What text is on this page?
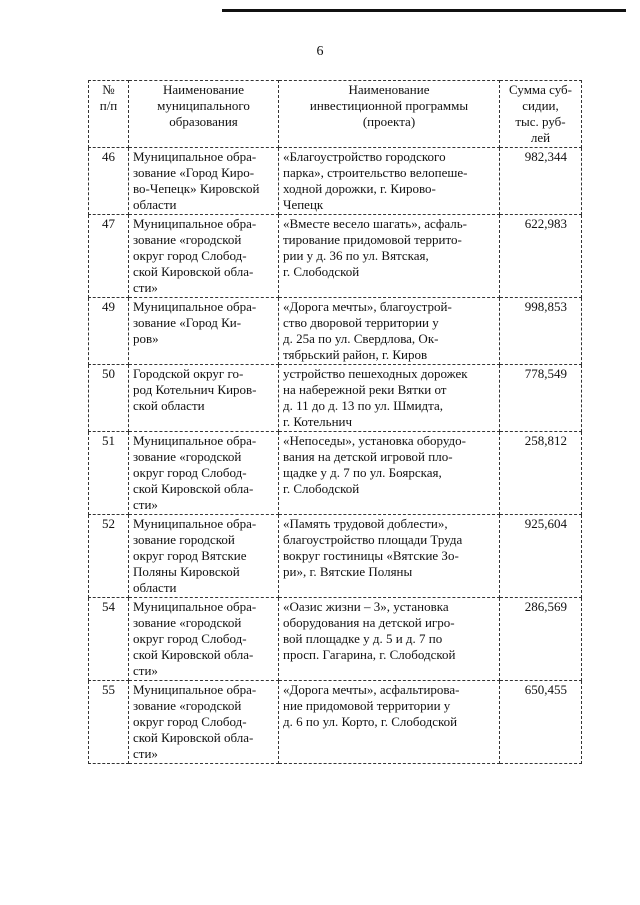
6
№
п/п	Наименование
муниципального
образования	Наименование
инвестиционной программы
(проекта)	Сумма суб-
сидии,
тыс. руб-
лей
46	Муниципальное обра-
зование «Город Киро-
во-Чепецк» Кировской
области	«Благоустройство городского
парка», строительство велопеше-
ходной дорожки, г. Кирово-
Чепецк	982,344
47	Муниципальное обра-
зование «городской
округ город Слобод-
ской Кировской обла-
сти»	«Вместе весело шагать», асфаль-
тирование придомовой террито-
рии у д. 36 по ул. Вятская,
г. Слободской	622,983
49	Муниципальное обра-
зование «Город Ки-
ров»	«Дорога мечты», благоустрой-
ство дворовой территории у
д. 25а по ул. Свердлова, Ок-
тябрьский район, г. Киров	998,853
50	Городской округ го-
род Котельнич Киров-
ской области	устройство пешеходных дорожек
на набережной реки Вятки от
д. 11 до д. 13 по ул. Шмидта,
г. Котельнич	778,549
51	Муниципальное обра-
зование «городской
округ город Слобод-
ской Кировской обла-
сти»	«Непоседы», установка оборудо-
вания на детской игровой пло-
щадке у д. 7 по ул. Боярская,
г. Слободской	258,812
52	Муниципальное обра-
зование городской
округ город Вятские
Поляны Кировской
области	«Память трудовой доблести»,
благоустройство площади Труда
вокруг гостиницы «Вятские Зо-
ри», г. Вятские Поляны	925,604
54	Муниципальное обра-
зование «городской
округ город Слобод-
ской Кировской обла-
сти»	«Оазис жизни – 3», установка
оборудования на детской игро-
вой площадке у д. 5 и д. 7 по
просп. Гагарина, г. Слободской	286,569
55	Муниципальное обра-
зование «городской
округ город Слобод-
ской Кировской обла-
сти»	«Дорога мечты», асфальтирова-
ние придомовой территории у
д. 6 по ул. Корто, г. Слободской	650,455
